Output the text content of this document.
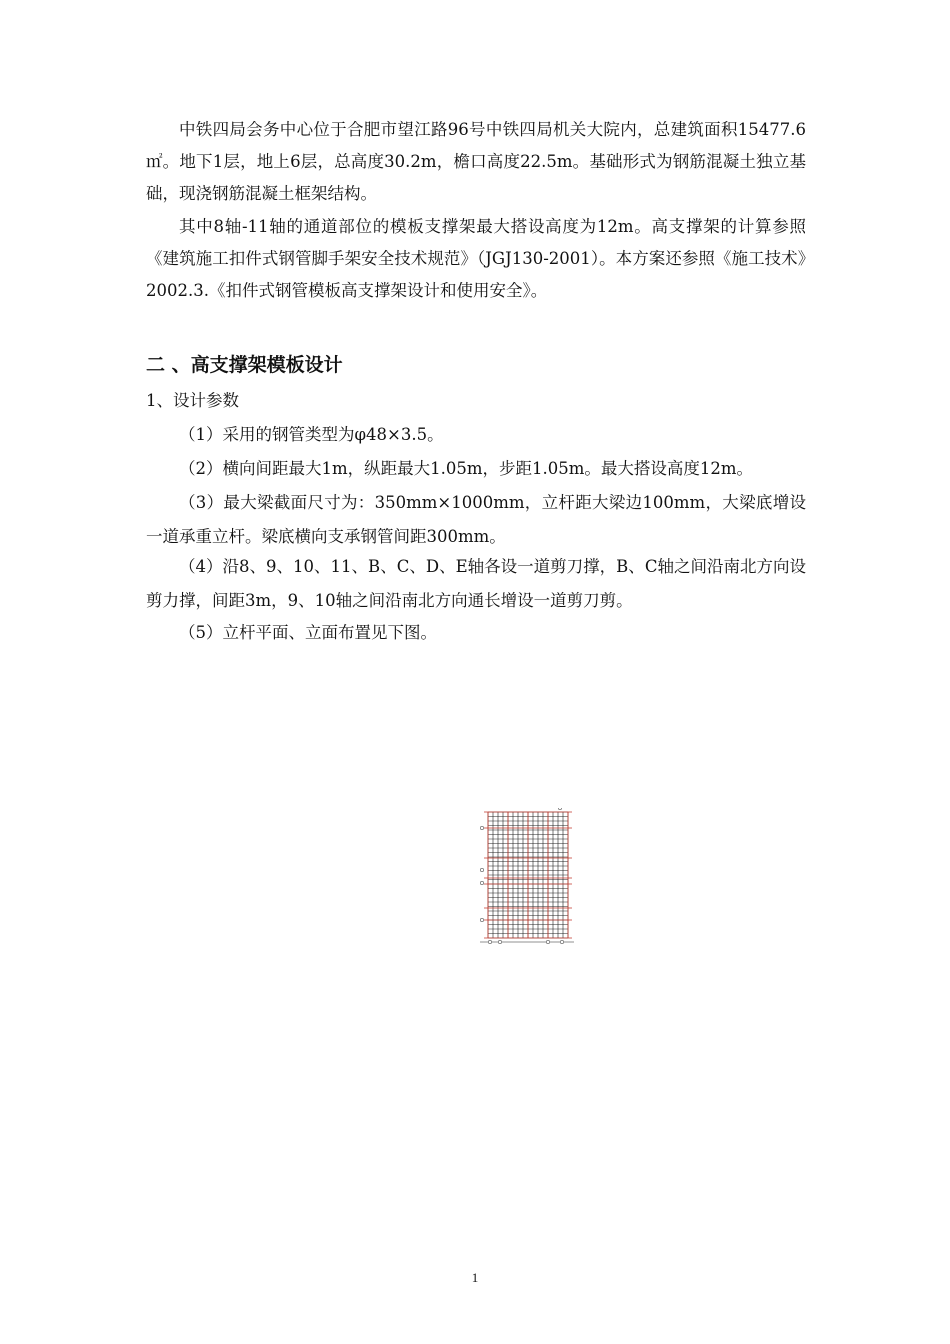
中铁四局会务中心位于合肥市望江路96号中铁四局机关大院内，总建筑面积15477.6㎡。地下1层，地上6层，总高度30.2m，檐口高度22.5m。基础形式为钢筋混凝土独立基础，现浇钢筋混凝土框架结构。

其中8轴-11轴的通道部位的模板支撑架最大搭设高度为12m。高支撑架的计算参照《建筑施工扣件式钢管脚手架安全技术规范》（JGJ130-2001）。本方案还参照《施工技术》2002.3.《扣件式钢管模板高支撑架设计和使用安全》。

二 、高支撑架模板设计

1、设计参数

（1）采用的钢管类型为φ48×3.5。

（2）横向间距最大1m，纵距最大1.05m，步距1.05m。最大搭设高度12m。

（3）最大梁截面尺寸为：350mm×1000mm，立杆距大梁边100mm，大梁底增设一道承重立杆。梁底横向支承钢管间距300mm。

（4）沿8、9、10、11、B、C、D、E轴各设一道剪刀撑，B、C轴之间沿南北方向设剪力撑，间距3m，9、10轴之间沿南北方向通长增设一道剪刀剪。

（5）立杆平面、立面布置见下图。

1
